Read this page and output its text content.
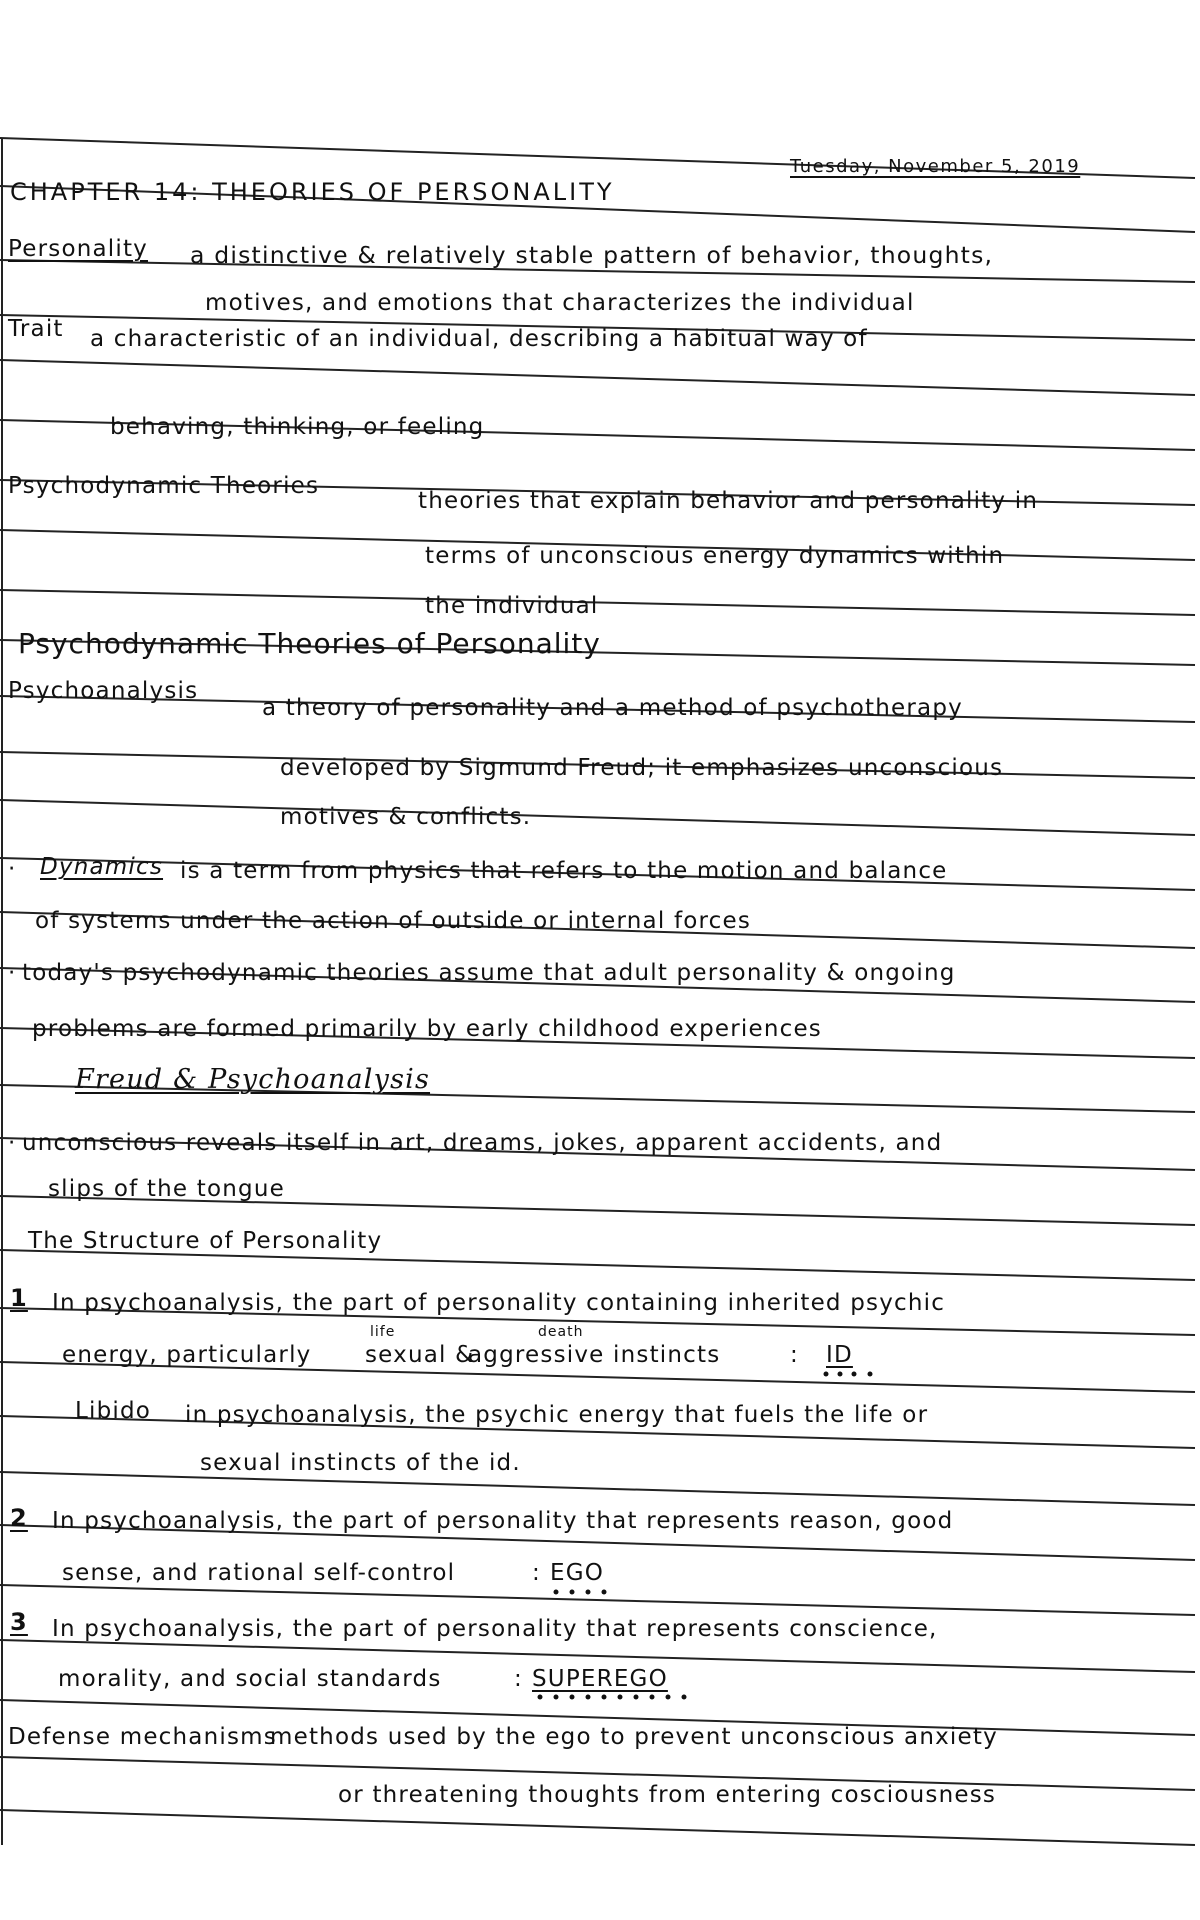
Tuesday, November 5, 2019
CHAPTER 14: THEORIES OF PERSONALITY
Personality a distinctive & relatively stable pattern of behavior, thoughts,
motives, and emotions that characterizes the individual
Trait a characteristic of an individual, describing a habitual way of
behaving, thinking, or feeling
Psychodynamic Theories
theories that explain behavior and personality in
terms of unconscious energy dynamics within
the individual
Psychodynamic Theories of Personality
Psychoanalysis
a theory of personality and a method of psychotherapy
developed by Sigmund Freud; it emphasizes unconscious
motives & conflicts.
· Dynamics is a term from physics that refers to the motion and balance
of systems under the action of outside or internal forces
· today's psychodynamic theories assume that adult personality & ongoing
problems are formed primarily by early childhood experiences
Freud & Psychoanalysis
· unconscious reveals itself in art, dreams, jokes, apparent accidents, and
slips of the tongue
The Structure of Personality
1 In psychoanalysis, the part of personality containing inherited psychic
life	death
energy, particularly sexual &
aggressive instincts	: ID
Libido in psychoanalysis, the psychic energy that fuels the life or
sexual instincts of the id.
2 In psychoanalysis, the part of personality that represents reason, good
sense, and rational self-control	: EGO
3 In psychoanalysis, the part of personality that represents conscience,
morality, and social standards	: SUPEREGO
Defense mechanisms
methods used by the ego to prevent unconscious anxiety
or threatening thoughts from entering cosciousness
